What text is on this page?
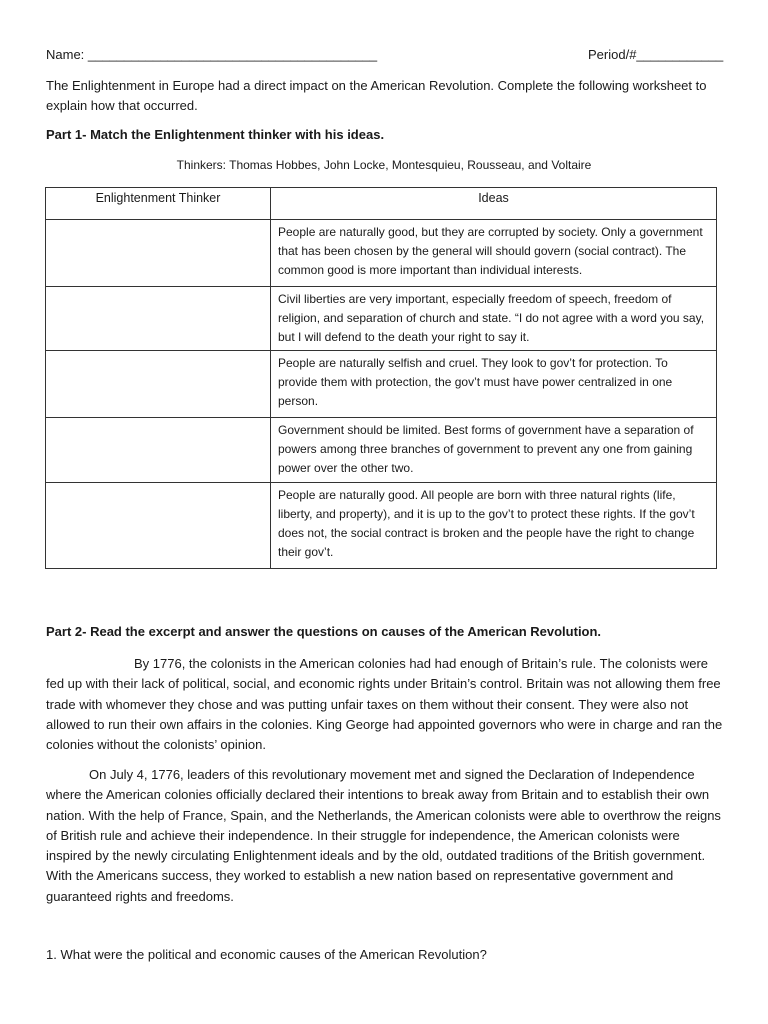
Name: ________________________________________	Period/#____________
The Enlightenment in Europe had a direct impact on the American Revolution. Complete the following worksheet to explain how that occurred.
Part 1- Match the Enlightenment thinker with his ideas.
Thinkers: Thomas Hobbes, John Locke, Montesquieu, Rousseau, and Voltaire
Enlightenment Thinker	Ideas
	People are naturally good, but they are corrupted by society. Only a government that has been chosen by the general will should govern (social contract). The common good is more important than individual interests.
	Civil liberties are very important, especially freedom of speech, freedom of religion, and separation of church and state. “I do not agree with a word you say, but I will defend to the death your right to say it.
	People are naturally selfish and cruel. They look to gov’t for protection. To provide them with protection, the gov’t must have power centralized in one person.
	Government should be limited. Best forms of government have a separation of powers among three branches of government to prevent any one from gaining power over the other two.
	People are naturally good. All people are born with three natural rights (life, liberty, and property), and it is up to the gov’t to protect these rights. If the gov’t does not, the social contract is broken and the people have the right to change their gov’t.
Part 2- Read the excerpt and answer the questions on causes of the American Revolution.
By 1776, the colonists in the American colonies had had enough of Britain’s rule. The colonists were fed up with their lack of political, social, and economic rights under Britain’s control. Britain was not allowing them free trade with whomever they chose and was putting unfair taxes on them without their consent. They were also not allowed to run their own affairs in the colonies. King George had appointed governors who were in charge and ran the colonies without the colonists’ opinion.
On July 4, 1776, leaders of this revolutionary movement met and signed the Declaration of Independence where the American colonies officially declared their intentions to break away from Britain and to establish their own nation. With the help of France, Spain, and the Netherlands, the American colonists were able to overthrow the reigns of British rule and achieve their independence. In their struggle for independence, the American colonists were inspired by the newly circulating Enlightenment ideals and by the old, outdated traditions of the British government. With the Americans success, they worked to establish a new nation based on representative government and guaranteed rights and freedoms.
1. What were the political and economic causes of the American Revolution?
